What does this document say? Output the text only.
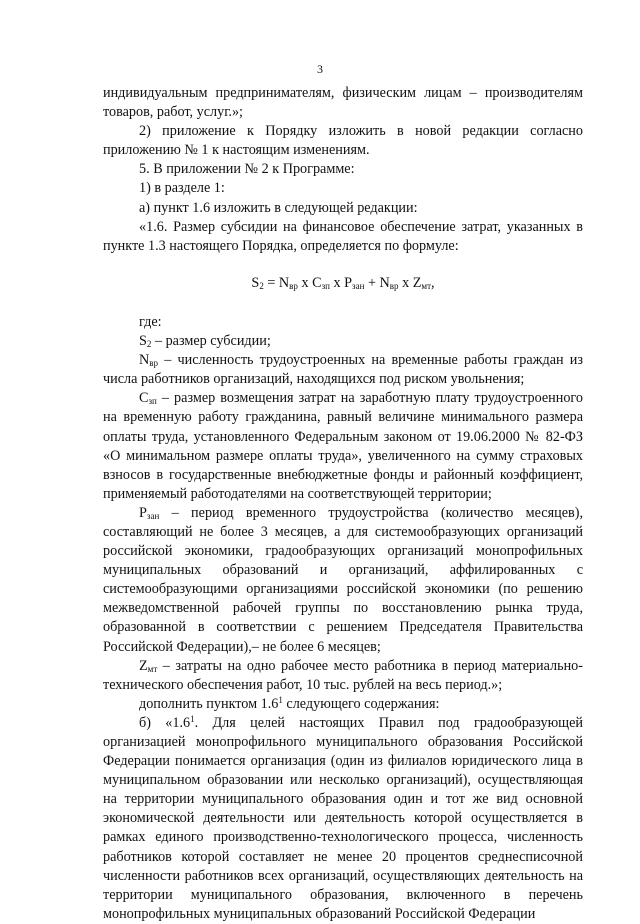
3

индивидуальным предпринимателям, физическим лицам – производителям товаров, работ, услуг.»;

2) приложение к Порядку изложить в новой редакции согласно приложению № 1 к настоящим изменениям.

5. В приложении № 2 к Программе:

1) в разделе 1:

а) пункт 1.6 изложить в следующей редакции:

«1.6. Размер субсидии на финансовое обеспечение затрат, указанных в пункте 1.3 настоящего Порядка, определяется по формуле:

$S_2 = N_{вр}$ х $C_{зп}$ х $P_{зан} + N_{вр}$ х $Z_{мт}$,

где:

$S_2$ – размер субсидии;

$N_{вр}$ – численность трудоустроенных на временные работы граждан из числа работников организаций, находящихся под риском увольнения;

$C_{зп}$ – размер возмещения затрат на заработную плату трудоустроенного на временную работу гражданина, равный величине минимального размера оплаты труда, установленного Федеральным законом от 19.06.2000 № 82-ФЗ «О минимальном размере оплаты труда», увеличенного на сумму страховых взносов в государственные внебюджетные фонды и районный коэффициент, применяемый работодателями на соответствующей территории;

$P_{зан}$ – период временного трудоустройства (количество месяцев), составляющий не более 3 месяцев, а для системообразующих организаций российской экономики, градообразующих организаций монопрофильных муниципальных образований и организаций, аффилированных с системообразующими организациями российской экономики (по решению межведомственной рабочей группы по восстановлению рынка труда, образованной в соответствии с решением Председателя Правительства Российской Федерации),– не более 6 месяцев;

$Z_{мт}$ – затраты на одно рабочее место работника в период материально-технического обеспечения работ, 10 тыс. рублей на весь период.»;

дополнить пунктом $1.6^1$ следующего содержания:

б) «$1.6^1$. Для целей настоящих Правил под градообразующей организацией монопрофильного муниципального образования Российской Федерации понимается организация (один из филиалов юридического лица в муниципальном образовании или несколько организаций), осуществляющая на территории муниципального образования один и тот же вид основной экономической деятельности или деятельность которой осуществляется в рамках единого производственно-технологического процесса, численность работников которой составляет не менее 20 процентов среднесписочной численности работников всех организаций, осуществляющих деятельность на территории муниципального образования, включенного в перечень монопрофильных муниципальных образований Российской Федерации
